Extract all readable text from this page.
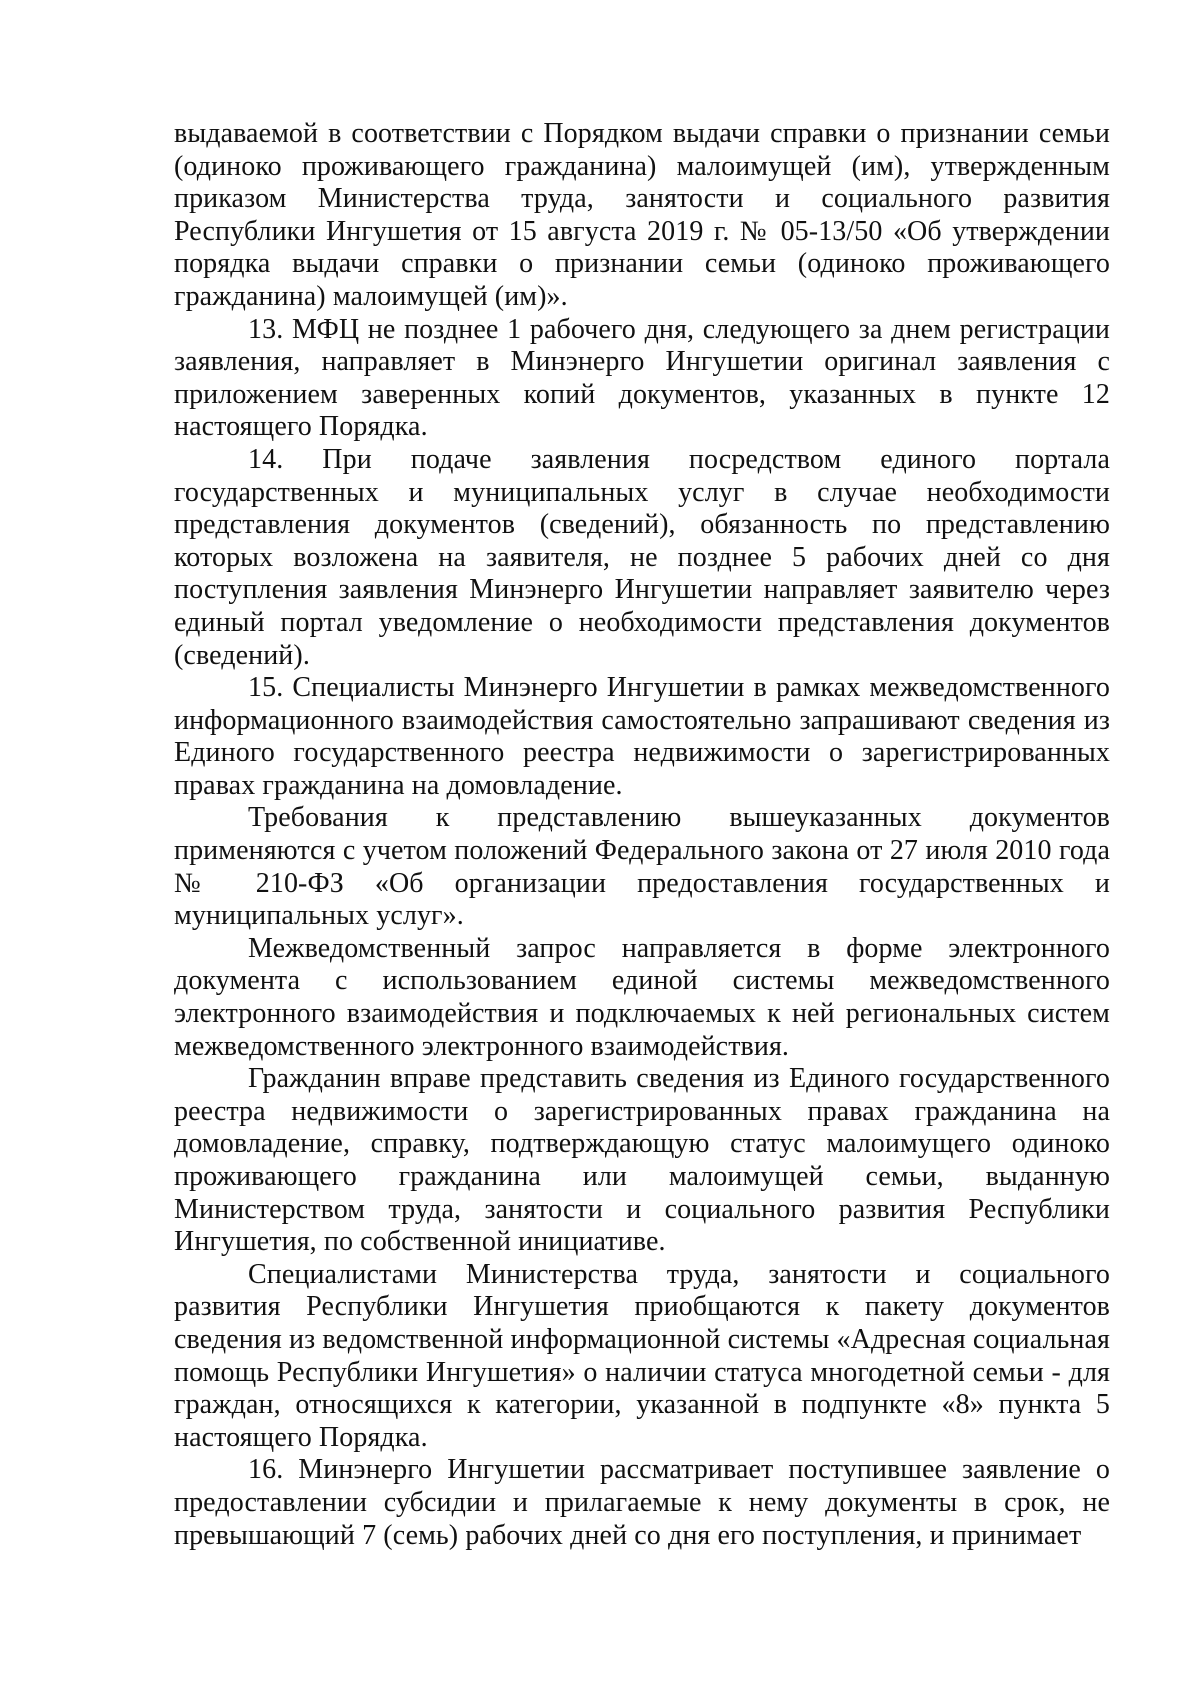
выдаваемой в соответствии с Порядком выдачи справки о признании семьи (одиноко проживающего гражданина) малоимущей (им), утвержденным приказом Министерства труда, занятости и социального развития Республики Ингушетия от 15 августа 2019 г. № 05-13/50 «Об утверждении порядка выдачи справки о признании семьи (одиноко проживающего гражданина) малоимущей (им)».

13. МФЦ не позднее 1 рабочего дня, следующего за днем регистрации заявления, направляет в Минэнерго Ингушетии оригинал заявления с приложением заверенных копий документов, указанных в пункте 12 настоящего Порядка.

14. При подаче заявления посредством единого портала государственных и муниципальных услуг в случае необходимости представления документов (сведений), обязанность по представлению которых возложена на заявителя, не позднее 5 рабочих дней со дня поступления заявления Минэнерго Ингушетии направляет заявителю через единый портал уведомление о необходимости представления документов (сведений).

15. Специалисты Минэнерго Ингушетии в рамках межведомственного информационного взаимодействия самостоятельно запрашивают сведения из Единого государственного реестра недвижимости о зарегистрированных правах гражданина на домовладение.

Требования к представлению вышеуказанных документов применяются с учетом положений Федерального закона от 27 июля 2010 года № 210-ФЗ «Об организации предоставления государственных и муниципальных услуг».

Межведомственный запрос направляется в форме электронного документа с использованием единой системы межведомственного электронного взаимодействия и подключаемых к ней региональных систем межведомственного электронного взаимодействия.

Гражданин вправе представить сведения из Единого государственного реестра недвижимости о зарегистрированных правах гражданина на домовладение, справку, подтверждающую статус малоимущего одиноко проживающего гражданина или малоимущей семьи, выданную Министерством труда, занятости и социального развития Республики Ингушетия, по собственной инициативе.

Специалистами Министерства труда, занятости и социального развития Республики Ингушетия приобщаются к пакету документов сведения из ведомственной информационной системы «Адресная социальная помощь Республики Ингушетия» о наличии статуса многодетной семьи - для граждан, относящихся к категории, указанной в подпункте «8» пункта 5 настоящего Порядка.

16. Минэнерго Ингушетии рассматривает поступившее заявление о предоставлении субсидии и прилагаемые к нему документы в срок, не превышающий 7 (семь) рабочих дней со дня его поступления, и принимает
